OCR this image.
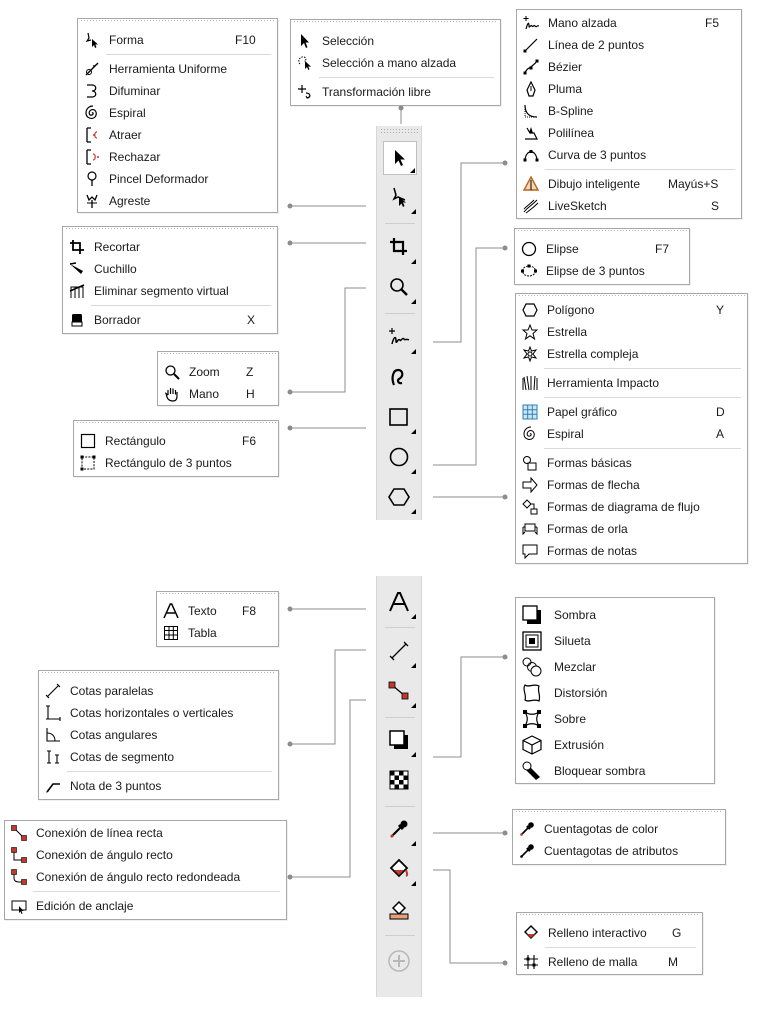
Forma	F10
Herramienta Uniforme
Difuminar
Espiral
Atraer
Rechazar
Pincel Deformador
Agreste
Selección
Selección a mano alzada
Transformación libre
Mano alzada	F5
Línea de 2 puntos
Bézier
Pluma
B-Spline
Polilínea
Curva de 3 puntos
Dibujo inteligente Mayús+S
LiveSketch	S
Recortar
Cuchillo
Eliminar segmento virtual
Borrador	X
Elipse	F7
Elipse de 3 puntos
Polígono	Y
Estrella
Estrella compleja
Herramienta Impacto
Papel gráfico	D
Espiral	A
Formas básicas
Formas de flecha
Formas de diagrama de flujo
Formas de orla
Formas de notas
Zoom Z
Mano H
Rectángulo	F6
Rectángulo de 3 puntos
Texto F8
Tabla
Sombra
Silueta
Mezclar
Distorsión
Sobre
Extrusión
Bloquear sombra
Cotas paralelas
Cotas horizontales o verticales
Cotas angulares
Cotas de segmento
Nota de 3 puntos
Conexión de línea recta
Conexión de ángulo recto
Conexión de ángulo recto redondeada
Edición de anclaje
Cuentagotas de color
Cuentagotas de atributos
Relleno interactivo G
Relleno de malla	M
